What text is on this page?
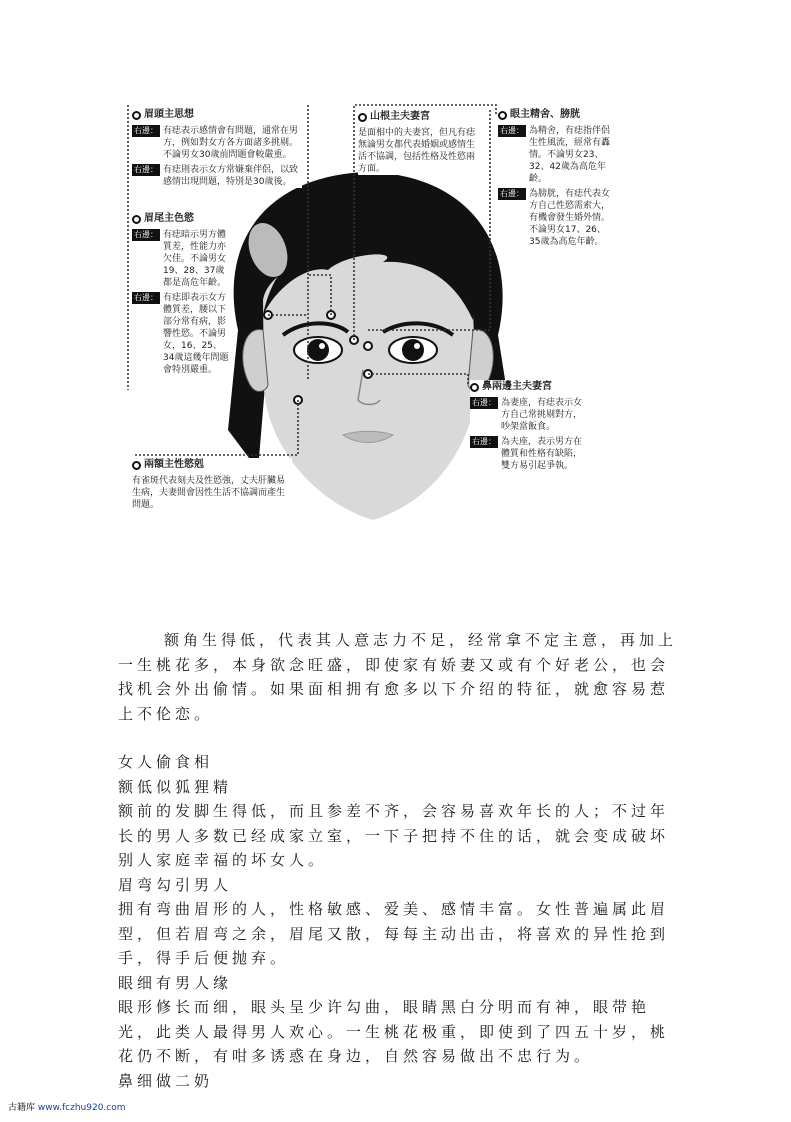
眉頭主思想
右邊： 有痣表示感情會有問題，通常在男方，例如對女方各方面諸多挑剔。不論男女30歲前問題會較嚴重。
右邊： 有痣則表示女方常嫌棄伴侶，以致感情出現問題，特別是30歲後。
眉尾主色慾
右邊： 有痣暗示男方體質差，性能力亦欠佳。不論男女19、28、37歲都是高危年齡。
右邊： 有痣即表示女方體質差，腰以下部分常有病，影響性慾。不論男女，16、25、34歲這幾年問題會特別嚴重。
山根主夫妻宮
是面相中的夫妻宮，但凡有痣無論男女都代表婚姻或感情生活不協調，包括性格及性慾兩方面。
眼主精舍、膀胱
右邊： 為精舍，有痣指伴侶生性風流，經常有轟情。不論男女23、32、42歲為高危年齡。
右邊： 為膀胱，有痣代表女方自己性慾需索大，有機會發生婚外情。不論男女17、26、35歲為高危年齡。
鼻兩邊主夫妻宮
右邊： 為妻座，有痣表示女方自己常挑剔對方，吵架當飯食。
右邊： 為夫座，表示男方在體質和性格有缺陷，雙方易引起爭執。
兩額主性慾剋
有雀斑代表刻夫及性慾強，丈夫肝臟易生病，夫妻間會因性生活不協調而產生問題。

额角生得低，代表其人意志力不足，经常拿不定主意，再加上一生桃花多，本身欲念旺盛，即使家有娇妻又或有个好老公，也会找机会外出偷情。如果面相拥有愈多以下介绍的特征，就愈容易惹上不伦恋。

女人偷食相

额低似狐狸精

额前的发脚生得低，而且参差不齐，会容易喜欢年长的人；不过年长的男人多数已经成家立室，一下子把持不住的话，就会变成破坏别人家庭幸福的坏女人。

眉弯勾引男人

拥有弯曲眉形的人，性格敏感、爱美、感情丰富。女性普遍属此眉型，但若眉弯之余，眉尾又散，每每主动出击，将喜欢的异性抢到手，得手后便抛弃。

眼细有男人缘

眼形修长而细，眼头呈少许勾曲，眼睛黑白分明而有神，眼带艳光，此类人最得男人欢心。一生桃花极重，即使到了四五十岁，桃花仍不断，有咁多诱惑在身边，自然容易做出不忠行为。

鼻细做二奶

古籍库 www.fczhu920.com
